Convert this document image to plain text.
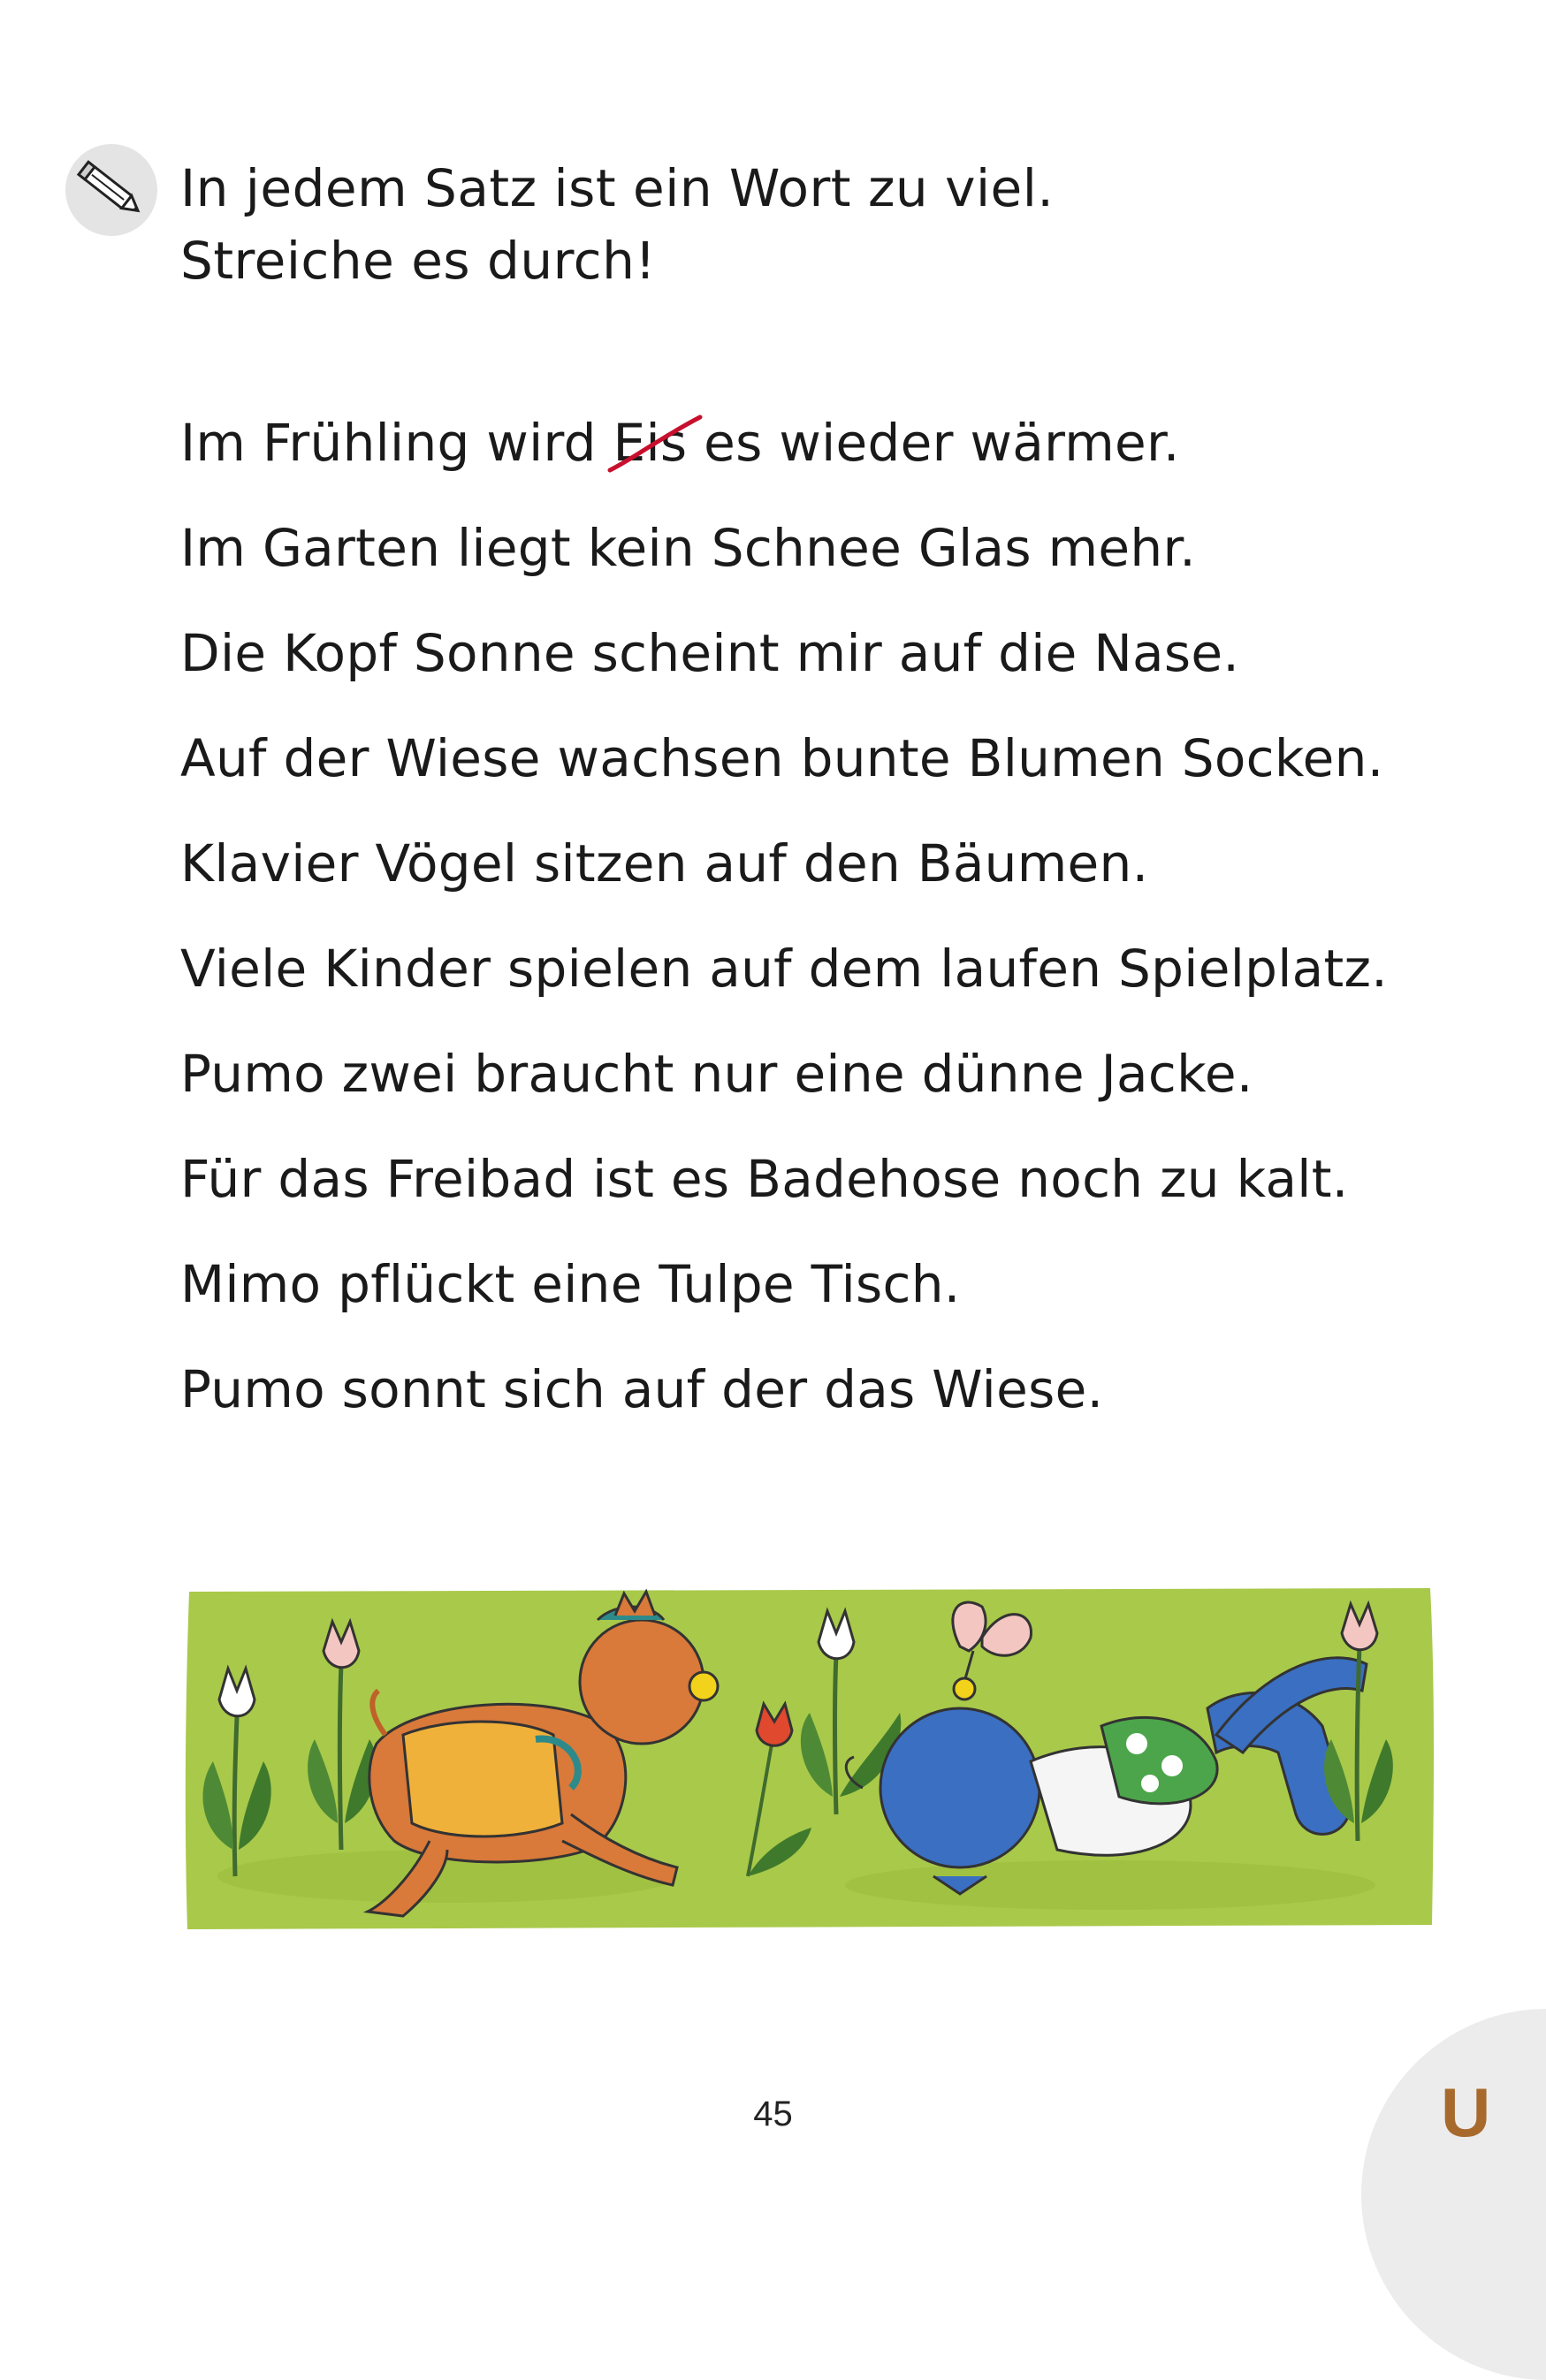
In jedem Satz ist ein Wort zu viel.
Streiche es durch!
Im Frühling wird Eis
es wieder wärmer.
Im Garten liegt kein Schnee Glas mehr.
Die Kopf Sonne scheint mir auf die Nase.
Auf der Wiese wachsen bunte Blumen Socken.
Klavier Vögel sitzen auf den Bäumen.
Viele Kinder spielen auf dem laufen Spielplatz.
Pumo zwei braucht nur eine dünne Jacke.
Für das Freibad ist es Badehose noch zu kalt.
Mimo pflückt eine Tulpe Tisch.
Pumo sonnt sich auf der das Wiese.
45	U
